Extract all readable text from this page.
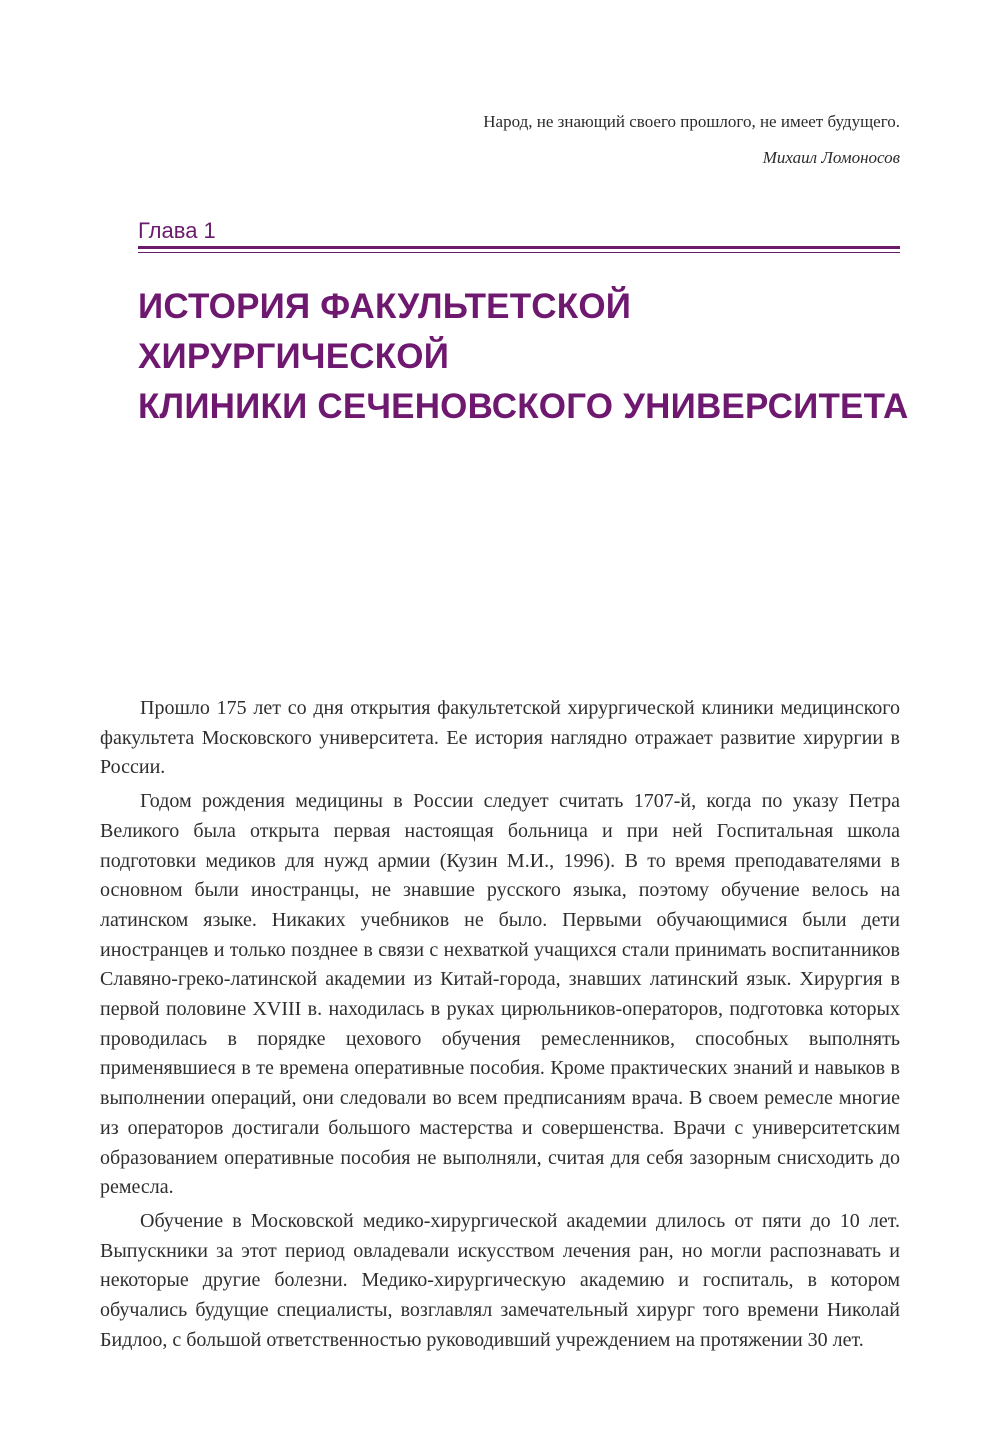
Народ, не знающий своего прошлого, не имеет будущего.
Михаил Ломоносов
Глава 1
ИСТОРИЯ ФАКУЛЬТЕТСКОЙ ХИРУРГИЧЕСКОЙ
КЛИНИКИ СЕЧЕНОВСКОГО УНИВЕРСИТЕТА

Прошло 175 лет со дня открытия факультетской хирургической клиники медицинского факультета Московского университета. Ее история наглядно отражает развитие хирургии в России.

Годом рождения медицины в России следует считать 1707-й, когда по указу Петра Великого была открыта первая настоящая больница и при ней Госпитальная школа подготовки медиков для нужд армии (Кузин М.И., 1996). В то время преподавателями в основном были иностранцы, не знавшие русского языка, поэтому обучение велось на латинском языке. Никаких учебников не было. Первыми обучающимися были дети иностранцев и только позднее в связи с нехваткой учащихся стали принимать воспитанников Славяно-греко-латинской академии из Китай-города, знавших латинский язык. Хирургия в первой половине XVIII в. находилась в руках цирюльников-операторов, подготовка которых проводилась в порядке цехового обучения ремесленников, способных выполнять применявшиеся в те времена оперативные пособия. Кроме практических знаний и навыков в выполнении операций, они следовали во всем предписаниям врача. В своем ремесле многие из операторов достигали большого мастерства и совершенства. Врачи с университетским образованием оперативные пособия не выполняли, считая для себя зазорным снисходить до ремесла.

Обучение в Московской медико-хирургической академии длилось от пяти до 10 лет. Выпускники за этот период овладевали искусством лечения ран, но могли распознавать и некоторые другие болезни. Медико-хирургическую академию и госпиталь, в котором обучались будущие специалисты, возглавлял замечательный хирург того времени Николай Бидлоо, с большой ответственностью руководивший учреждением на протяжении 30 лет.
